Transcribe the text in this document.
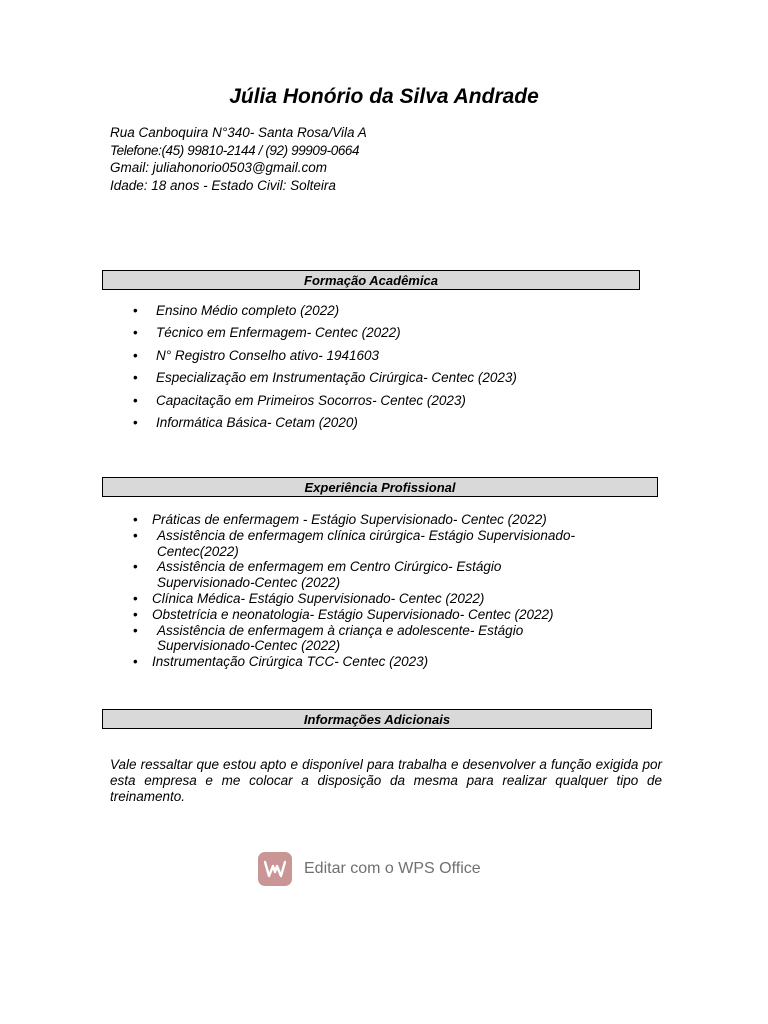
Júlia Honório da Silva Andrade
Rua Canboquira N°340- Santa Rosa/Vila A
Telefone:(45) 99810-2144 / (92) 99909-0664
Gmail: juliahonorio0503@gmail.com
Idade: 18 anos - Estado Civil: Solteira
Formação Acadêmica
• Ensino Médio completo (2022)
• Técnico em Enfermagem- Centec (2022)
• N° Registro Conselho ativo- 1941603
• Especialização em Instrumentação Cirúrgica- Centec (2023)
• Capacitação em Primeiros Socorros- Centec (2023)
• Informática Básica- Cetam (2020)
Experiência Profissional
• Práticas de enfermagem - Estágio Supervisionado- Centec (2022)
• Assistência de enfermagem clínica cirúrgica- Estágio Supervisionado- Centec(2022)
• Assistência de enfermagem em Centro Cirúrgico- Estágio Supervisionado-Centec (2022)
• Clínica Médica- Estágio Supervisionado- Centec (2022)
• Obstetrícia e neonatologia- Estágio Supervisionado- Centec (2022)
• Assistência de enfermagem à criança e adolescente- Estágio Supervisionado-Centec (2022)
• Instrumentação Cirúrgica TCC- Centec (2023)
Informações Adicionais

Vale ressaltar que estou apto e disponível para trabalha e desenvolver a função exigida por esta empresa e me colocar a disposição da mesma para realizar qualquer tipo de treinamento.

Editar com o WPS Office
